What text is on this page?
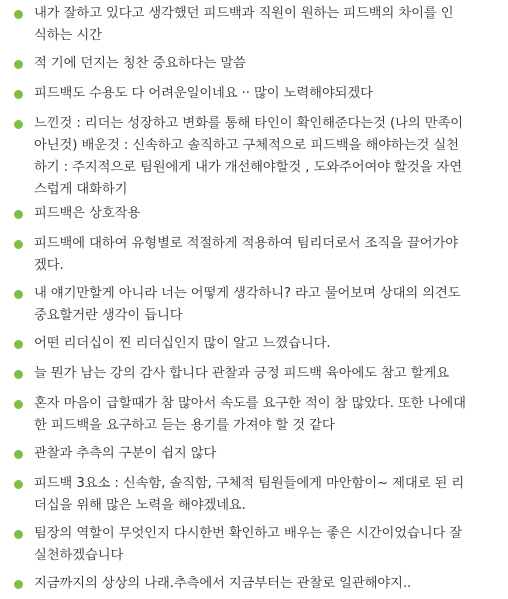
내가 잘하고 있다고 생각했던 피드백과 직원이 원하는 피드백의 차이를 인
식하는 시간
적 기에 던지는 칭찬 중요하다는 말씀
피드백도 수용도 다 어려운일이네요 ·· 많이 노력해야되겠다
느낀것 : 리더는 성장하고 변화를 통해 타인이 확인해준다는것 (나의 만족이
아닌것) 배운것 : 신속하고 솔직하고 구체적으로 피드백을 해야하는것 실천
하기 : 주지적으로 팀원에게 내가 개선해야할것 , 도와주어여야 할것을 자연
스럽게 대화하기
피드백은 상호작용
피드백에 대하여 유형별로 적절하게 적용하여 팀리더로서 조직을 끌어가야
겠다.
내 얘기만할게 아니라 너는 어떻게 생각하니? 라고 물어보며 상대의 의견도
중요할거란 생각이 듭니다
어떤 리더십이 찐 리더십인지 많이 알고 느꼈습니다.
늘 뭔가 남는 강의 감사 합니다 관찰과 긍정 피드백 육아에도 참고 할게요
혼자 마음이 급할때가 참 많아서 속도를 요구한 적이 참 많았다. 또한 나에대
한 피드백을 요구하고 듣는 용기를 가져야 할 것 같다
관찰과 추측의 구분이 쉽지 않다
피드백 3요소 : 신속함, 솔직함, 구체적 팀원들에게 마안함이~ 제대로 된 리
더십을 위해 많은 노력을 해야겠네요.
팀장의 역할이 무엇인지 다시한번 확인하고 배우는 좋은 시간이었습니다 잘
실천하겠습니다
지금까지의 상상의 나래.추측에서 지금부터는 관찰로 일관해야지..
